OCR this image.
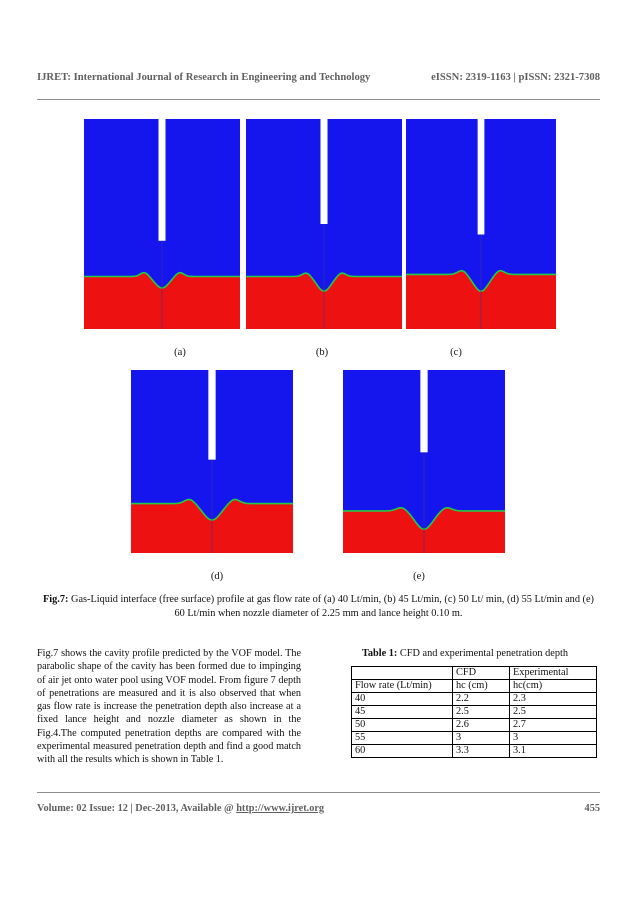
IJRET: International Journal of Research in Engineering and Technology	eISSN: 2319-1163 | pISSN: 2321-7308
(a)	(b)	(c)
(d)	(e)
Fig.7: Gas-Liquid interface (free surface) profile at gas flow rate of (a) 40 Lt/min, (b) 45 Lt/min, (c) 50 Lt/ min, (d) 55 Lt/min and (e) 60 Lt/min when nozzle diameter of 2.25 mm and lance height 0.10 m.
Fig.7 shows the cavity profile predicted by the VOF model. The parabolic shape of the cavity has been formed due to impinging of air jet onto water pool using VOF model. From figure 7 depth of penetrations are measured and it is also observed that when gas flow rate is increase the penetration depth also increase at a fixed lance height and nozzle diameter as shown in the Fig.4.The computed penetration depths are compared with the experimental measured penetration depth and find a good match with all the results which is shown in Table 1.
Table 1: CFD and experimental penetration depth
	CFD	Experimental
Flow rate (Lt/min)	hc (cm)	hc(cm)
40	2.2	2.3
45	2.5	2.5
50	2.6	2.7
55	3	3
60	3.3	3.1
Volume: 02 Issue: 12 | Dec-2013, Available @ http://www.ijret.org	455
